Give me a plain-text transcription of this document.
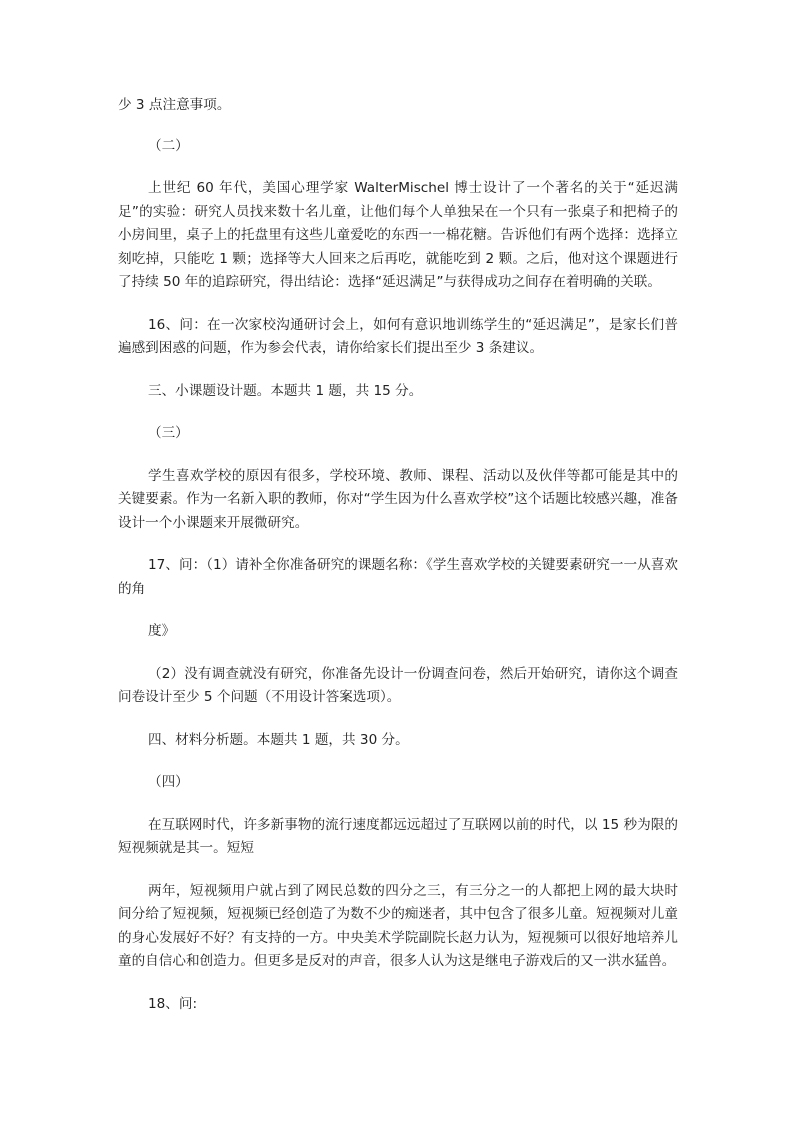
少 3 点注意事项。

（二）

上世纪 60 年代，美国心理学家 WalterMischel 博士设计了一个著名的关于“延迟满足”的实验：研究人员找来数十名儿童，让他们每个人单独呆在一个只有一张桌子和把椅子的小房间里，桌子上的托盘里有这些儿童爱吃的东西一一棉花糖。告诉他们有两个选择：选择立刻吃掉，只能吃 1 颗；选择等大人回来之后再吃，就能吃到 2 颗。之后，他对这个课题进行了持续 50 年的追踪研究，得出结论：选择“延迟满足”与获得成功之间存在着明确的关联。

16、问：在一次家校沟通研讨会上，如何有意识地训练学生的“延迟满足”，是家长们普遍感到困惑的问题，作为参会代表，请你给家长们提出至少 3 条建议。

三、小课题设计题。本题共 1 题，共 15 分。

（三）

学生喜欢学校的原因有很多，学校环境、教师、课程、活动以及伙伴等都可能是其中的关键要素。作为一名新入职的教师，你对“学生因为什么喜欢学校”这个话题比较感兴趣，准备设计一个小课题来开展微研究。

17、问：（1）请补全你准备研究的课题名称：《学生喜欢学校的关键要素研究一一从喜欢的角

度》

（2）没有调查就没有研究，你准备先设计一份调查问卷，然后开始研究，请你这个调查问卷设计至少 5 个问题（不用设计答案选项）。

四、材料分析题。本题共 1 题，共 30 分。

（四）

在互联网时代，许多新事物的流行速度都远远超过了互联网以前的时代，以 15 秒为限的短视频就是其一。短短

两年，短视频用户就占到了网民总数的四分之三，有三分之一的人都把上网的最大块时间分给了短视频，短视频已经创造了为数不少的痴迷者，其中包含了很多儿童。短视频对儿童的身心发展好不好？有支持的一方。中央美术学院副院长赵力认为，短视频可以很好地培养儿童的自信心和创造力。但更多是反对的声音，很多人认为这是继电子游戏后的又一洪水猛兽。

18、问:
